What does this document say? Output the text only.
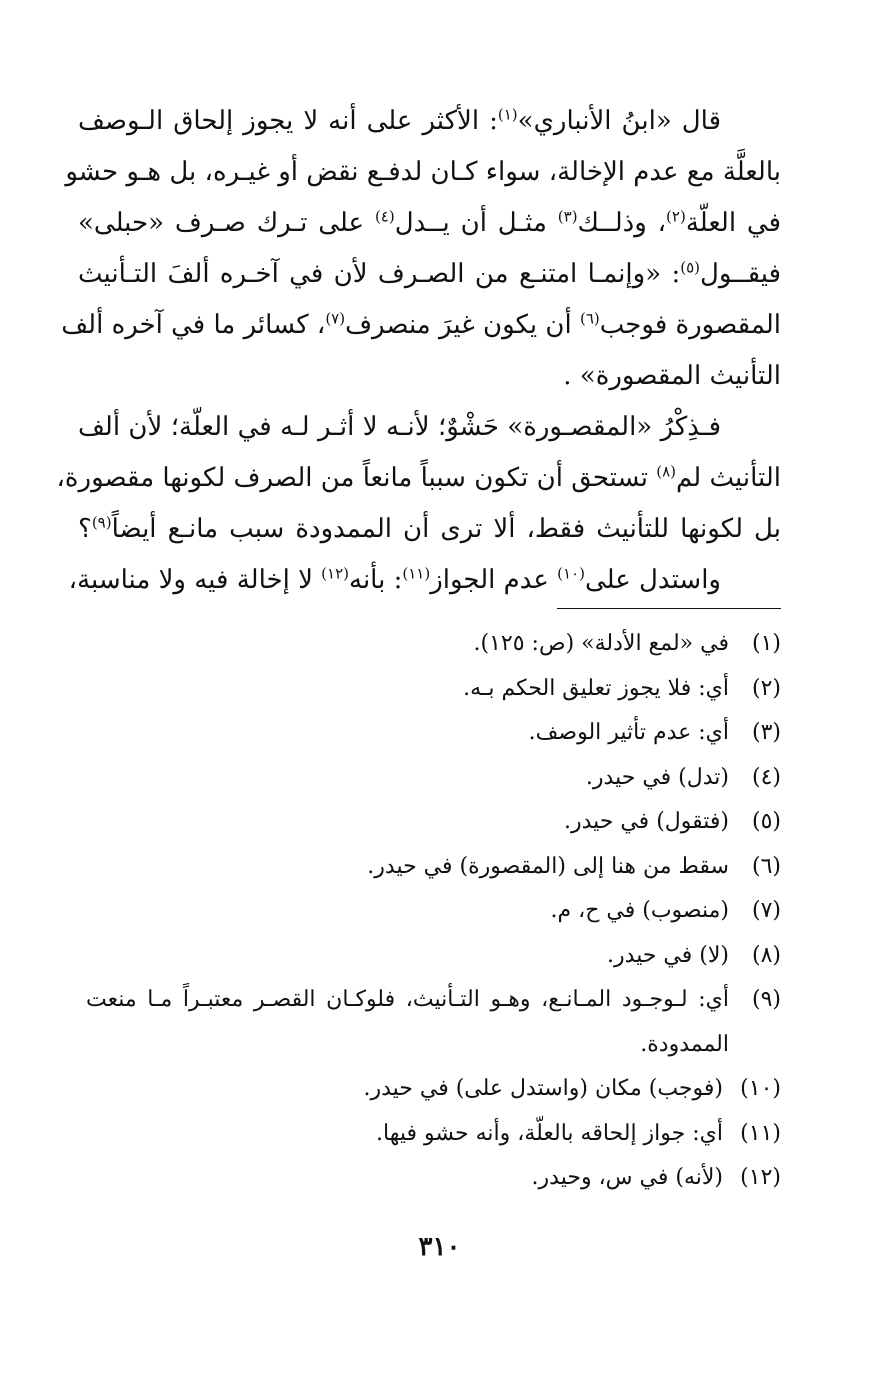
قال «ابنُ الأنباري»$^{(١)}$: الأكثر على أنه لا يجوز إلحاق الـوصف
بالعلَّة مع عدم الإخالة، سواء كـان لدفـع نقض أو غيـره، بل هـو حشو
في العلّة$^{(٢)}$، وذلــك$^{(٣)}$ مثـل أن يــدل$^{(٤)}$ على تـرك صـرف «حبلى»
فيقــول$^{(٥)}$: «وإنمـا امتنـع من الصـرف لأن في آخـره ألفَ التـأنيث
المقصورة فوجب$^{(٦)}$ أن يكون غيرَ منصرف$^{(٧)}$، كسائر ما في آخره ألف
التأنيث المقصورة» .
فـذِكْرُ «المقصـورة» حَشْوٌ؛ لأنـه لا أثـر لـه في العلّة؛ لأن ألف
التأنيث لم$^{(٨)}$ تستحق أن تكون سبباً مانعاً من الصرف لكونها مقصورة،
بل لكونها للتأنيث فقط، ألا ترى أن الممدودة سبب مانـع أيضاً$^{(٩)}$؟
واستدل على$^{(١٠)}$ عدم الجواز$^{(١١)}$: بأنه$^{(١٢)}$ لا إخالة فيه ولا مناسبة،
(١)
في «لمع الأدلة» (ص: ١٢٥).
(٢)
أي: فلا يجوز تعليق الحكم بـه.
(٣)
أي: عدم تأثير الوصف.
(٤)
(تدل) في حيدر.
(٥)
(فتقول) في حيدر.
(٦)
سقط من هنا إلى (المقصورة) في حيدر.
(٧)
(منصوب) في ح، م.
(٨)
(لا) في حيدر.
(٩)
أي: لـوجـود المـانـع، وهـو التـأنيث، فلوكـان القصـر معتبـراً مـا منعت
الممدودة.
(١٠)
(فوجب) مكان (واستدل على) في حيدر.
(١١)
أي: جواز إلحاقه بالعلّة، وأنه حشو فيها.
(١٢)
(لأنه) في س، وحيدر.
٣١٠
